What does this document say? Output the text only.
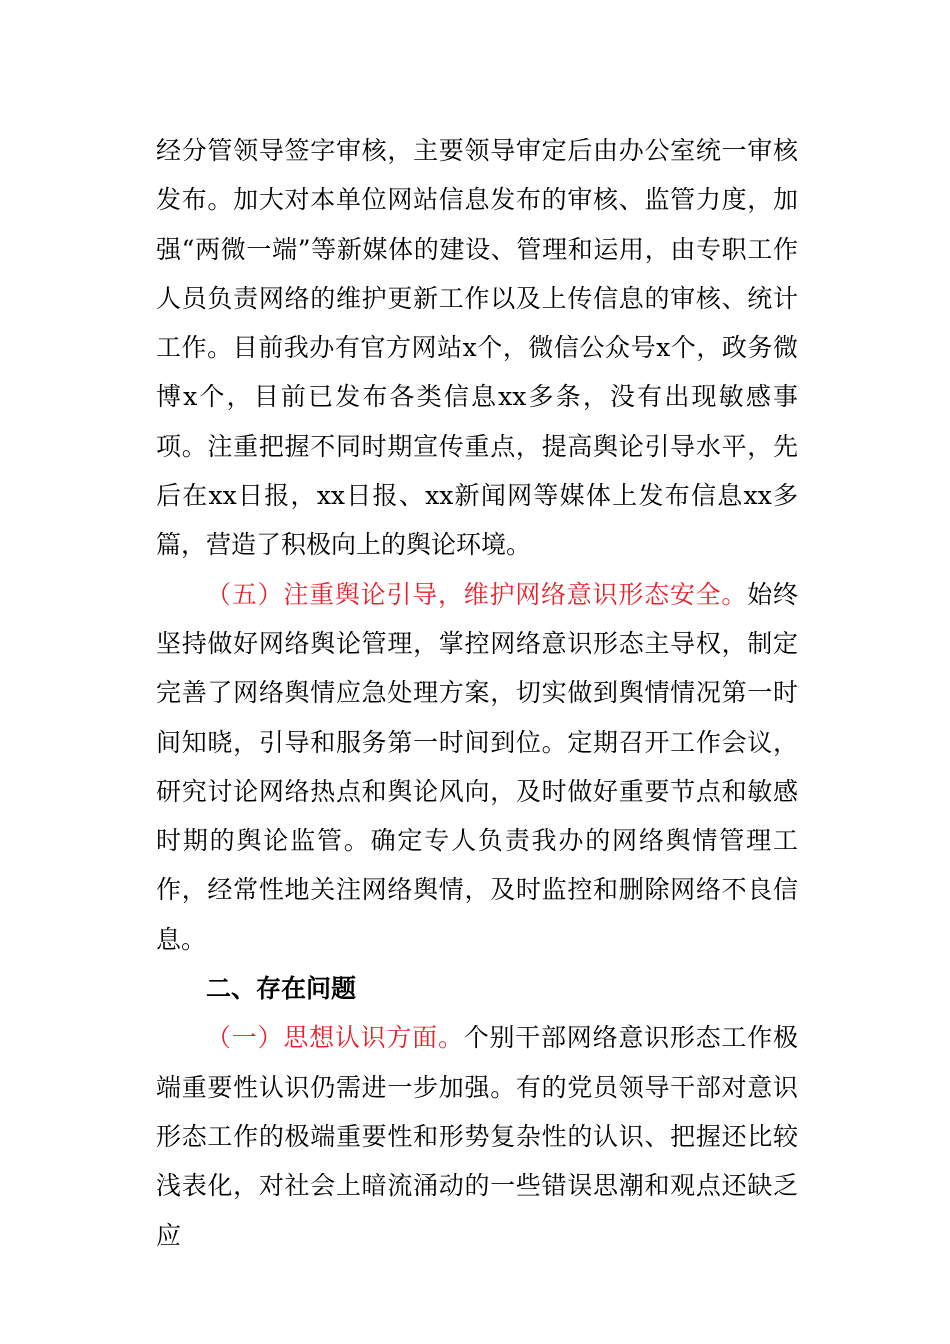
经分管领导签字审核，主要领导审定后由办公室统一审核发布。加大对本单位网站信息发布的审核、监管力度，加强“两微一端”等新媒体的建设、管理和运用，由专职工作人员负责网络的维护更新工作以及上传信息的审核、统计工作。目前我办有官方网站x个，微信公众号x个，政务微博x个，目前已发布各类信息xx多条，没有出现敏感事项。注重把握不同时期宣传重点，提高舆论引导水平，先后在xx日报，xx日报、xx新闻网等媒体上发布信息xx多篇，营造了积极向上的舆论环境。

（五）注重舆论引导，维护网络意识形态安全。始终坚持做好网络舆论管理，掌控网络意识形态主导权，制定完善了网络舆情应急处理方案，切实做到舆情情况第一时间知晓，引导和服务第一时间到位。定期召开工作会议，研究讨论网络热点和舆论风向，及时做好重要节点和敏感时期的舆论监管。确定专人负责我办的网络舆情管理工作，经常性地关注网络舆情，及时监控和删除网络不良信息。

二、存在问题

（一）思想认识方面。个别干部网络意识形态工作极端重要性认识仍需进一步加强。有的党员领导干部对意识形态工作的极端重要性和形势复杂性的认识、把握还比较浅表化，对社会上暗流涌动的一些错误思潮和观点还缺乏应
